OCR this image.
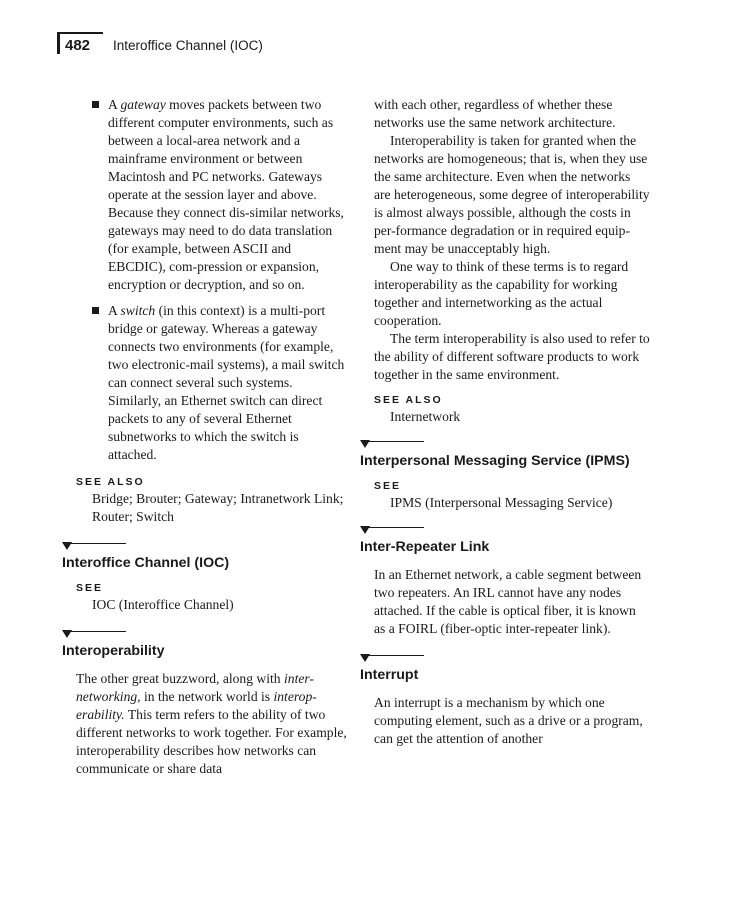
482 Interoffice Channel (IOC)
A gateway moves packets between two different computer environments, such as between a local-area network and a mainframe environment or between Macintosh and PC networks. Gateways operate at the session layer and above. Because they connect dis-similar networks, gateways may need to do data translation (for example, between ASCII and EBCDIC), com-pression or expansion, encryption or decryption, and so on.
A switch (in this context) is a multi-port bridge or gateway. Whereas a gateway connects two environments (for example, two electronic-mail systems), a mail switch can connect several such systems. Similarly, an Ethernet switch can direct packets to any of several Ethernet subnetworks to which the switch is attached.
SEE ALSO
Bridge; Brouter; Gateway; Intranetwork Link; Router; Switch
Interoffice Channel (IOC)
SEE
IOC (Interoffice Channel)
Interoperability
The other great buzzword, along with inter-networking, in the network world is interop-erability. This term refers to the ability of two different networks to work together. For example, interoperability describes how networks can communicate or share data

with each other, regardless of whether these networks use the same network architecture.

Interoperability is taken for granted when the networks are homogeneous; that is, when they use the same architecture. Even when the networks are heterogeneous, some degree of interoperability is almost always possible, although the costs in per-formance degradation or in required equip-ment may be unacceptably high.

One way to think of these terms is to regard interoperability as the capability for working together and internetworking as the actual cooperation.

The term interoperability is also used to refer to the ability of different software products to work together in the same environment.

SEE ALSO
Internetwork
Interpersonal Messaging Service (IPMS)
SEE
IPMS (Interpersonal Messaging Service)
Inter-Repeater Link
In an Ethernet network, a cable segment between two repeaters. An IRL cannot have any nodes attached. If the cable is optical fiber, it is known as a FOIRL (fiber-optic inter-repeater link).
Interrupt
An interrupt is a mechanism by which one computing element, such as a drive or a program, can get the attention of another
